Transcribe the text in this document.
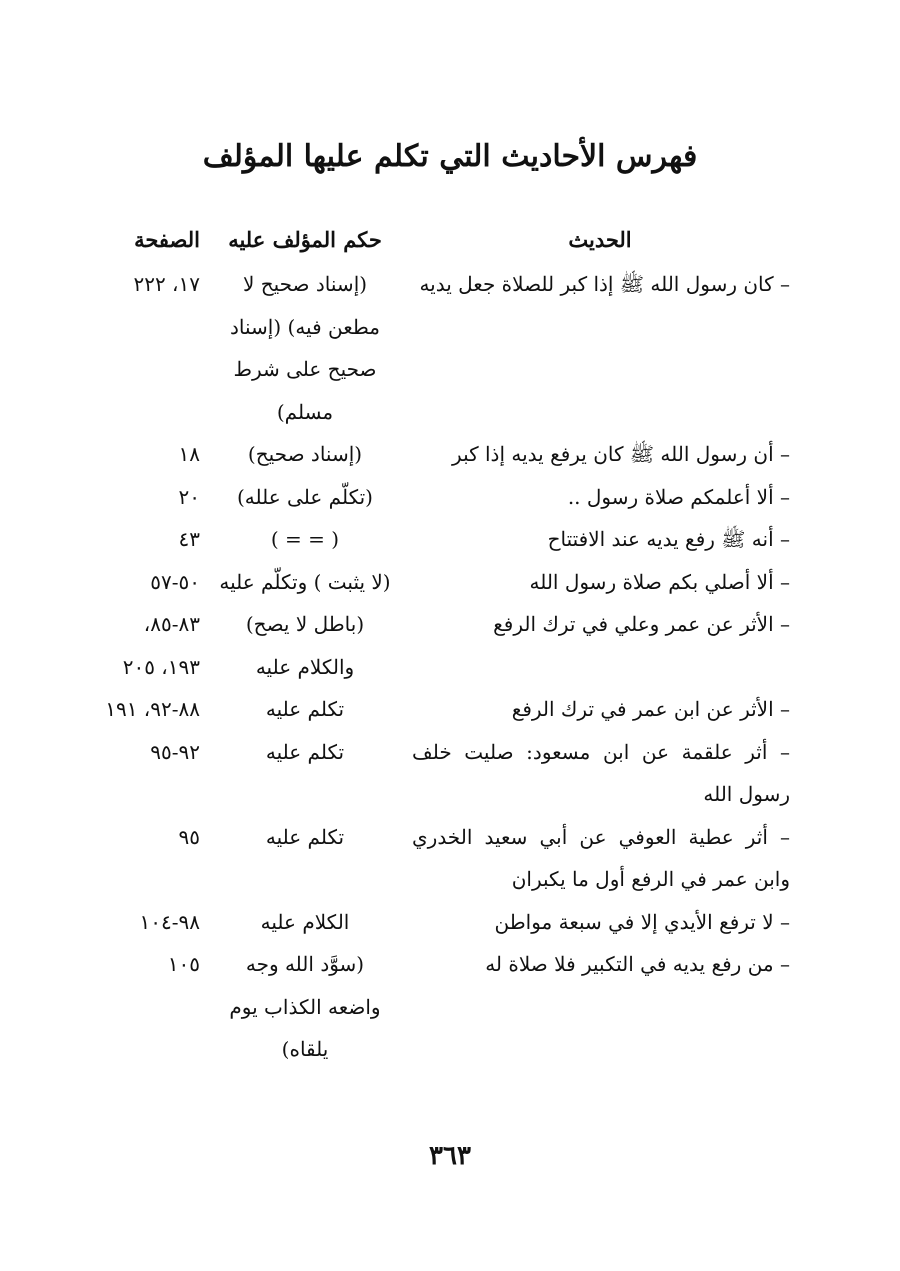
فهرس الأحاديث التي تكلم عليها المؤلف
الحديث
حكم المؤلف عليه
الصفحة
– كان رسول الله ﷺ إذا كبر للصلاة جعل يديه
(إسناد صحيح لا مطعن فيه) (إسناد صحيح على شرط مسلم)
١٧، ٢٢٢
– أن رسول الله ﷺ كان يرفع يديه إذا كبر
(إسناد صحيح)
١٨
– ألا أعلمكم صلاة رسول ..
(تكلّم على علله)
٢٠
– أنه ﷺ رفع يديه عند الافتتاح
( = = )
٤٣
– ألا أصلي بكم صلاة رسول الله
(لا يثبت ) وتكلّم عليه
٥٠-٥٧
– الأثر عن عمر وعلي في ترك الرفع
(باطل لا يصح) والكلام عليه
٨٣-٨٥، ١٩٣، ٢٠٥
– الأثر عن ابن عمر في ترك الرفع
تكلم عليه
٨٨-٩٢، ١٩١
– أثر علقمة عن ابن مسعود: صليت خلف رسول الله
تكلم عليه
٩٢-٩٥
– أثر عطية العوفي عن أبي سعيد الخدري وابن عمر في الرفع أول ما يكبران
تكلم عليه
٩٥
– لا ترفع الأيدي إلا في سبعة مواطن
الكلام عليه
٩٨-١٠٤
– من رفع يديه في التكبير فلا صلاة له
(سوَّد الله وجه واضعه الكذاب يوم يلقاه)
١٠٥
٣٦٣
